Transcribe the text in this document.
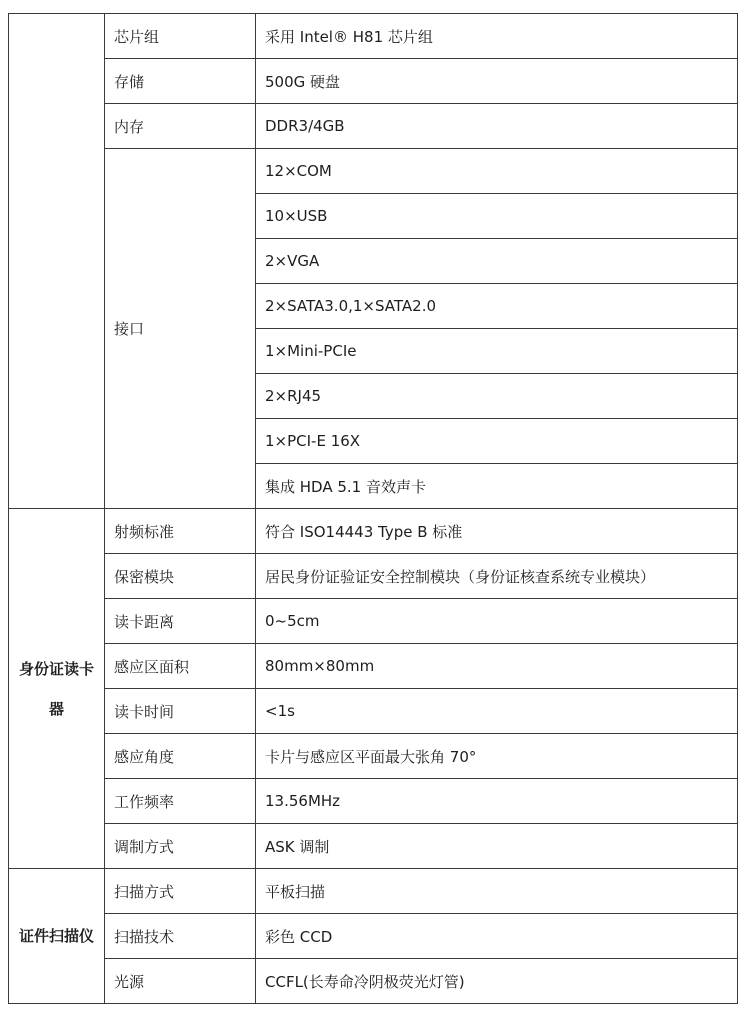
	芯片组	采用 Intel® H81 芯片组
	存储	500G 硬盘
	内存	DDR3/4GB
	接口	12×COM
		10×USB
		2×VGA
		2×SATA3.0,1×SATA2.0
		1×Mini-PCIe
		2×RJ45
		1×PCI-E 16X
		集成 HDA 5.1 音效声卡
身份证读卡器	射频标准	符合 ISO14443 Type B 标准
	保密模块	居民身份证验证安全控制模块（身份证核查系统专业模块）
	读卡距离	0~5cm
	感应区面积	80mm×80mm
	读卡时间	<1s
	感应角度	卡片与感应区平面最大张角 70°
	工作频率	13.56MHz
	调制方式	ASK 调制
证件扫描仪	扫描方式	平板扫描
	扫描技术	彩色 CCD
	光源	CCFL(长寿命冷阴极荧光灯管)
